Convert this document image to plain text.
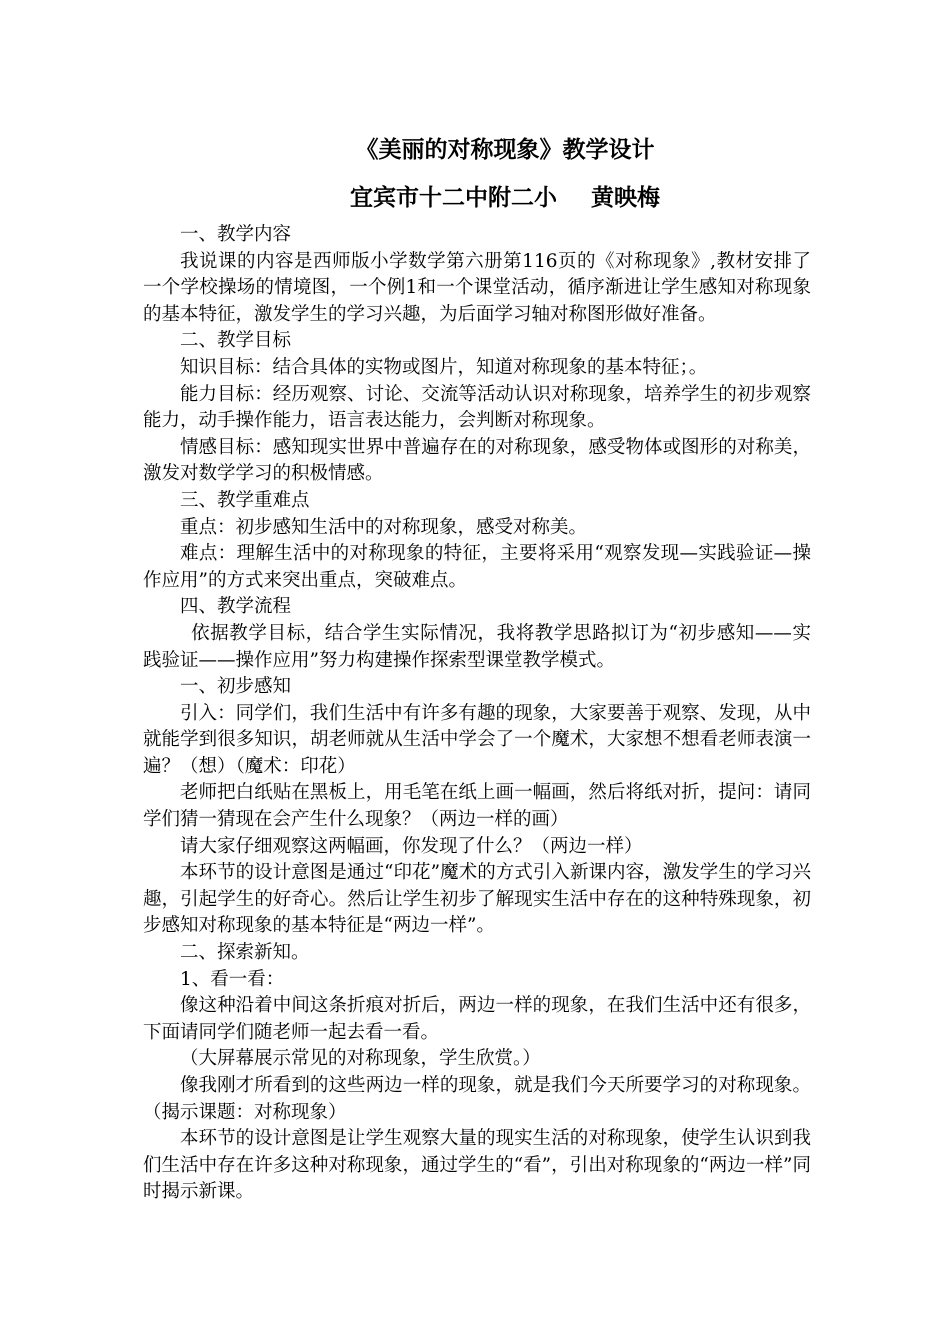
《美丽的对称现象》教学设计
宜宾市十二中附二小 黄映梅

一、教学内容

我说课的内容是西师版小学数学第六册第116页的《对称现象》,教材安排了一个学校操场的情境图，一个例1和一个课堂活动，循序渐进让学生感知对称现象的基本特征，激发学生的学习兴趣，为后面学习轴对称图形做好准备。

二、教学目标

知识目标：结合具体的实物或图片，知道对称现象的基本特征；。

能力目标：经历观察、讨论、交流等活动认识对称现象，培养学生的初步观察能力，动手操作能力，语言表达能力，会判断对称现象。

情感目标：感知现实世界中普遍存在的对称现象，感受物体或图形的对称美，激发对数学学习的积极情感。

三、教学重难点

重点：初步感知生活中的对称现象，感受对称美。

难点：理解生活中的对称现象的特征，主要将采用“观察发现—实践验证—操作应用”的方式来突出重点，突破难点。

四、教学流程

依据教学目标，结合学生实际情况，我将教学思路拟订为“初步感知——实践验证——操作应用”努力构建操作探索型课堂教学模式。

一、初步感知

引入：同学们，我们生活中有许多有趣的现象，大家要善于观察、发现，从中就能学到很多知识，胡老师就从生活中学会了一个魔术，大家想不想看老师表演一遍？（想）（魔术：印花）

老师把白纸贴在黑板上，用毛笔在纸上画一幅画，然后将纸对折，提问：请同学们猜一猜现在会产生什么现象？（两边一样的画）

请大家仔细观察这两幅画，你发现了什么？（两边一样）

本环节的设计意图是通过“印花”魔术的方式引入新课内容，激发学生的学习兴趣，引起学生的好奇心。然后让学生初步了解现实生活中存在的这种特殊现象，初步感知对称现象的基本特征是“两边一样”。

二、探索新知。

1、看一看：

像这种沿着中间这条折痕对折后，两边一样的现象，在我们生活中还有很多，下面请同学们随老师一起去看一看。

（大屏幕展示常见的对称现象，学生欣赏。）

像我刚才所看到的这些两边一样的现象，就是我们今天所要学习的对称现象。（揭示课题：对称现象）

本环节的设计意图是让学生观察大量的现实生活的对称现象，使学生认识到我们生活中存在许多这种对称现象，通过学生的“看”，引出对称现象的“两边一样”同时揭示新课。
